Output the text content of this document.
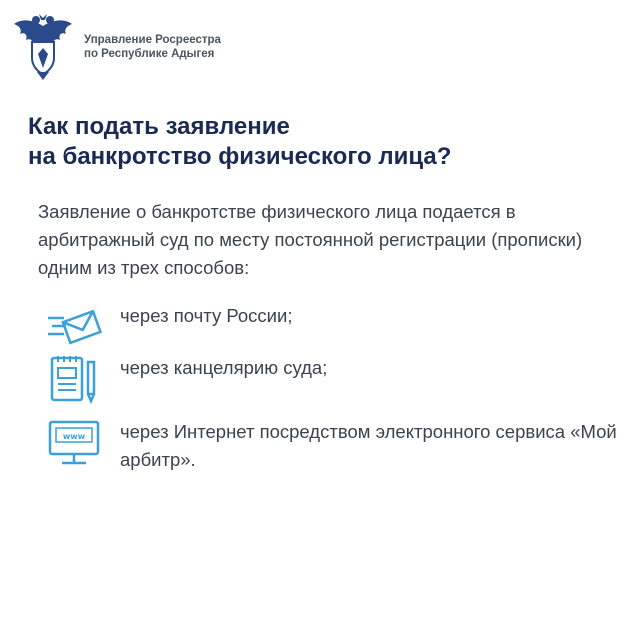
Управление Росреестра
по Республике Адыгея
Как подать заявление
на банкротство физического лица?
Заявление о банкротстве физического лица подается в арбитражный суд по месту постоянной регистрации (прописки) одним из трех способов:
через почту России;
через канцелярию суда;
www через Интернет посредством электронного сервиса «Мой арбитр».
